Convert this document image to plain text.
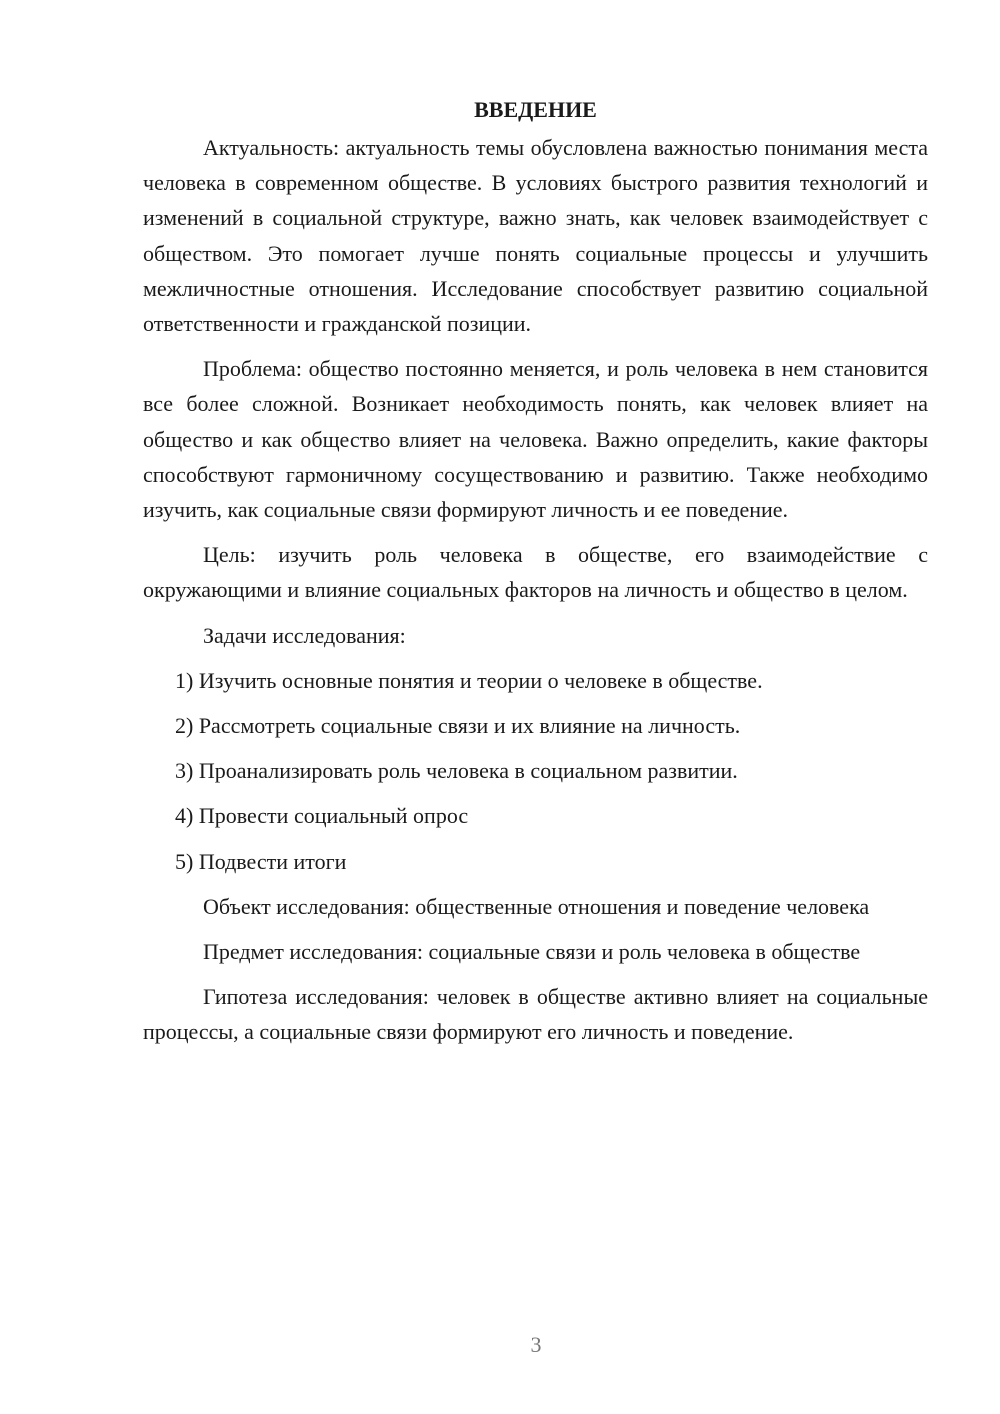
ВВЕДЕНИЕ

Актуальность: актуальность темы обусловлена важностью понимания места человека в современном обществе. В условиях быстрого развития технологий и изменений в социальной структуре, важно знать, как человек взаимодействует с обществом. Это помогает лучше понять социальные процессы и улучшить межличностные отношения. Исследование способствует развитию социальной ответственности и гражданской позиции.

Проблема: общество постоянно меняется, и роль человека в нем становится все более сложной. Возникает необходимость понять, как человек влияет на общество и как общество влияет на человека. Важно определить, какие факторы способствуют гармоничному сосуществованию и развитию. Также необходимо изучить, как социальные связи формируют личность и ее поведение.

Цель: изучить роль человека в обществе, его взаимодействие с окружающими и влияние социальных факторов на личность и общество в целом.

Задачи исследования:

1) Изучить основные понятия и теории о человеке в обществе.
2) Рассмотреть социальные связи и их влияние на личность.
3) Проанализировать роль человека в социальном развитии.
4) Провести социальный опрос
5) Подвести итоги

Объект исследования: общественные отношения и поведение человека

Предмет исследования: социальные связи и роль человека в обществе

Гипотеза исследования: человек в обществе активно влияет на социальные процессы, а социальные связи формируют его личность и поведение.

3
